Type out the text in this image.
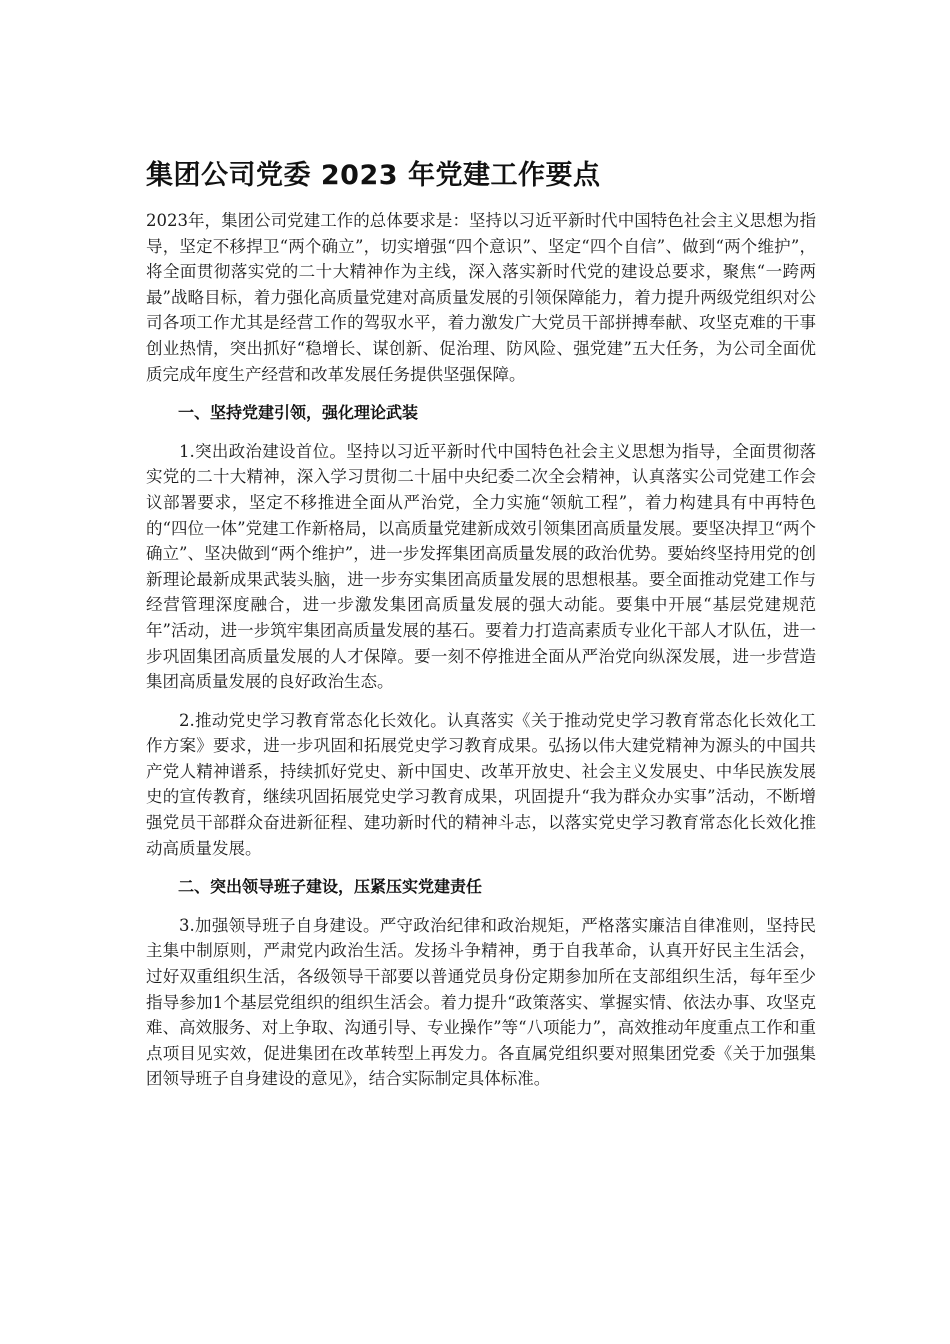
集团公司党委 2023 年党建工作要点

2023年，集团公司党建工作的总体要求是：坚持以习近平新时代中国特色社会主义思想为指导，坚定不移捍卫“两个确立”，切实增强“四个意识”、坚定“四个自信”、做到“两个维护”，将全面贯彻落实党的二十大精神作为主线，深入落实新时代党的建设总要求，聚焦“一跨两最”战略目标，着力强化高质量党建对高质量发展的引领保障能力，着力提升两级党组织对公司各项工作尤其是经营工作的驾驭水平，着力激发广大党员干部拼搏奉献、攻坚克难的干事创业热情，突出抓好“稳增长、谋创新、促治理、防风险、强党建”五大任务，为公司全面优质完成年度生产经营和改革发展任务提供坚强保障。

一、坚持党建引领，强化理论武装

1.突出政治建设首位。坚持以习近平新时代中国特色社会主义思想为指导，全面贯彻落实党的二十大精神，深入学习贯彻二十届中央纪委二次全会精神，认真落实公司党建工作会议部署要求，坚定不移推进全面从严治党，全力实施“领航工程”，着力构建具有中再特色的“四位一体”党建工作新格局，以高质量党建新成效引领集团高质量发展。要坚决捍卫“两个确立”、坚决做到“两个维护”，进一步发挥集团高质量发展的政治优势。要始终坚持用党的创新理论最新成果武装头脑，进一步夯实集团高质量发展的思想根基。要全面推动党建工作与经营管理深度融合，进一步激发集团高质量发展的强大动能。要集中开展“基层党建规范年”活动，进一步筑牢集团高质量发展的基石。要着力打造高素质专业化干部人才队伍，进一步巩固集团高质量发展的人才保障。要一刻不停推进全面从严治党向纵深发展，进一步营造集团高质量发展的良好政治生态。

2.推动党史学习教育常态化长效化。认真落实《关于推动党史学习教育常态化长效化工作方案》要求，进一步巩固和拓展党史学习教育成果。弘扬以伟大建党精神为源头的中国共产党人精神谱系，持续抓好党史、新中国史、改革开放史、社会主义发展史、中华民族发展史的宣传教育，继续巩固拓展党史学习教育成果，巩固提升“我为群众办实事”活动，不断增强党员干部群众奋进新征程、建功新时代的精神斗志，以落实党史学习教育常态化长效化推动高质量发展。

二、突出领导班子建设，压紧压实党建责任

3.加强领导班子自身建设。严守政治纪律和政治规矩，严格落实廉洁自律准则，坚持民主集中制原则，严肃党内政治生活。发扬斗争精神，勇于自我革命，认真开好民主生活会，过好双重组织生活，各级领导干部要以普通党员身份定期参加所在支部组织生活，每年至少指导参加1个基层党组织的组织生活会。着力提升“政策落实、掌握实情、依法办事、攻坚克难、高效服务、对上争取、沟通引导、专业操作”等“八项能力”，高效推动年度重点工作和重点项目见实效，促进集团在改革转型上再发力。各直属党组织要对照集团党委《关于加强集团领导班子自身建设的意见》，结合实际制定具体标准。
